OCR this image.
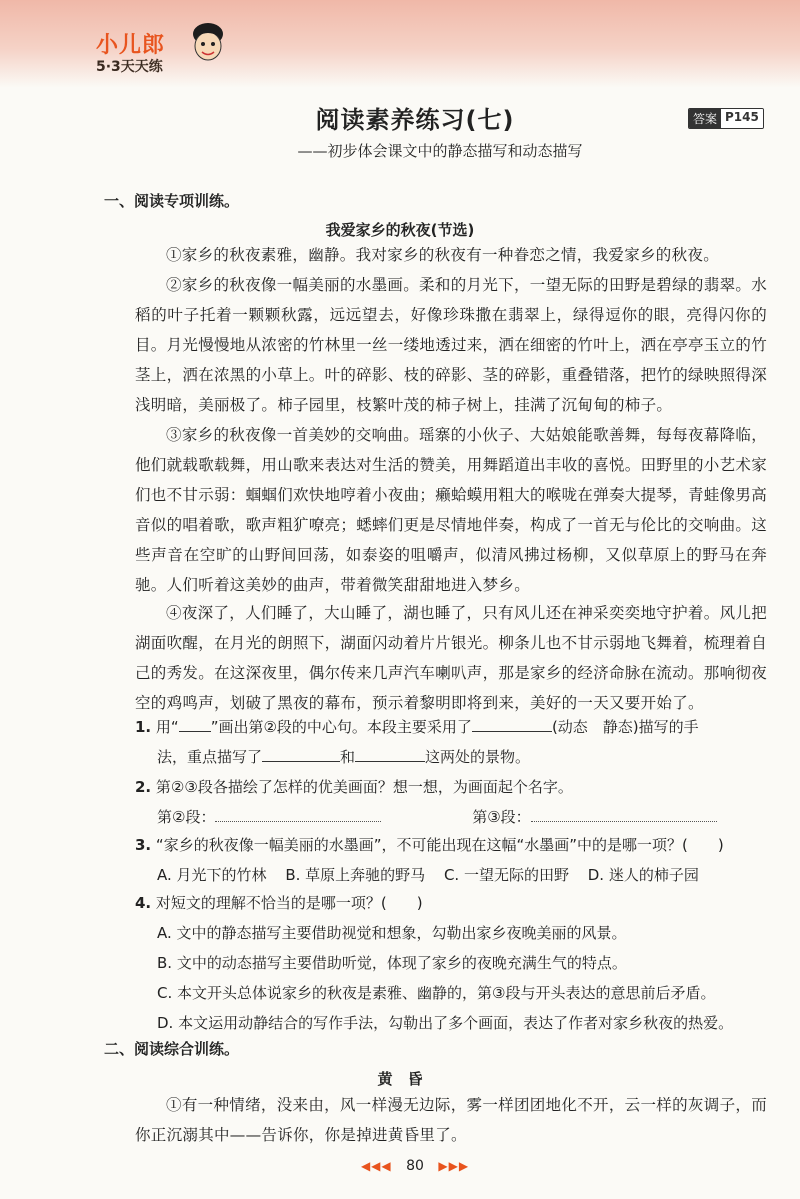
小儿郎
5·3天天练
阅读素养练习(七)	答案 P145
——初步体会课文中的静态描写和动态描写
一、阅读专项训练。
我爱家乡的秋夜(节选)
①家乡的秋夜素雅，幽静。我对家乡的秋夜有一种眷恋之情，我爱家乡的秋夜。
②家乡的秋夜像一幅美丽的水墨画。柔和的月光下，一望无际的田野是碧绿的翡翠。水稻的叶子托着一颗颗秋露，远远望去，好像珍珠撒在翡翠上，绿得逗你的眼，亮得闪你的目。月光慢慢地从浓密的竹林里一丝一缕地透过来，洒在细密的竹叶上，洒在亭亭玉立的竹茎上，洒在浓黑的小草上。叶的碎影、枝的碎影、茎的碎影，重叠错落，把竹的绿映照得深浅明暗，美丽极了。柿子园里，枝繁叶茂的柿子树上，挂满了沉甸甸的柿子。
③家乡的秋夜像一首美妙的交响曲。瑶寨的小伙子、大姑娘能歌善舞，每每夜幕降临，他们就载歌载舞，用山歌来表达对生活的赞美，用舞蹈道出丰收的喜悦。田野里的小艺术家们也不甘示弱：蝈蝈们欢快地哼着小夜曲；癞蛤蟆用粗大的喉咙在弹奏大提琴，青蛙像男高音似的唱着歌，歌声粗犷嘹亮；蟋蟀们更是尽情地伴奏，构成了一首无与伦比的交响曲。这些声音在空旷的山野间回荡，如泰姿的咀嚼声，似清风拂过杨柳，又似草原上的野马在奔驰。人们听着这美妙的曲声，带着微笑甜甜地进入梦乡。
④夜深了，人们睡了，大山睡了，湖也睡了，只有风儿还在神采奕奕地守护着。风儿把湖面吹醒，在月光的朗照下，湖面闪动着片片银光。柳条儿也不甘示弱地飞舞着，梳理着自己的秀发。在这深夜里，偶尔传来几声汽车喇叭声，那是家乡的经济命脉在流动。那响彻夜空的鸡鸣声，划破了黑夜的幕布，预示着黎明即将到来，美好的一天又要开始了。
1. 用“ ”画出第②段的中心句。本段主要采用了	(动态　静态)描写的手
法，重点描写了	和	这两处的景物。
2. 第②③段各描绘了怎样的优美画面？想一想，为画面起个名字。
第②段：	第③段：
3. “家乡的秋夜像一幅美丽的水墨画”，不可能出现在这幅“水墨画”中的是哪一项？(　　)
A. 月光下的竹林 B. 草原上奔驰的野马 C. 一望无际的田野 D. 迷人的柿子园
4. 对短文的理解不恰当的是哪一项？(　　)

A. 文中的静态描写主要借助视觉和想象，勾勒出家乡夜晚美丽的风景。
B. 文中的动态描写主要借助听觉，体现了家乡的夜晚充满生气的特点。
C. 本文开头总体说家乡的秋夜是素雅、幽静的，第③段与开头表达的意思前后矛盾。
D. 本文运用动静结合的写作手法，勾勒出了多个画面，表达了作者对家乡秋夜的热爱。
二、阅读综合训练。
黄　昏
①有一种情绪，没来由，风一样漫无边际，雾一样团团地化不开，云一样的灰调子，而你正沉溺其中——告诉你，你是掉进黄昏里了。
◀◀◀ 80 ▶▶▶
